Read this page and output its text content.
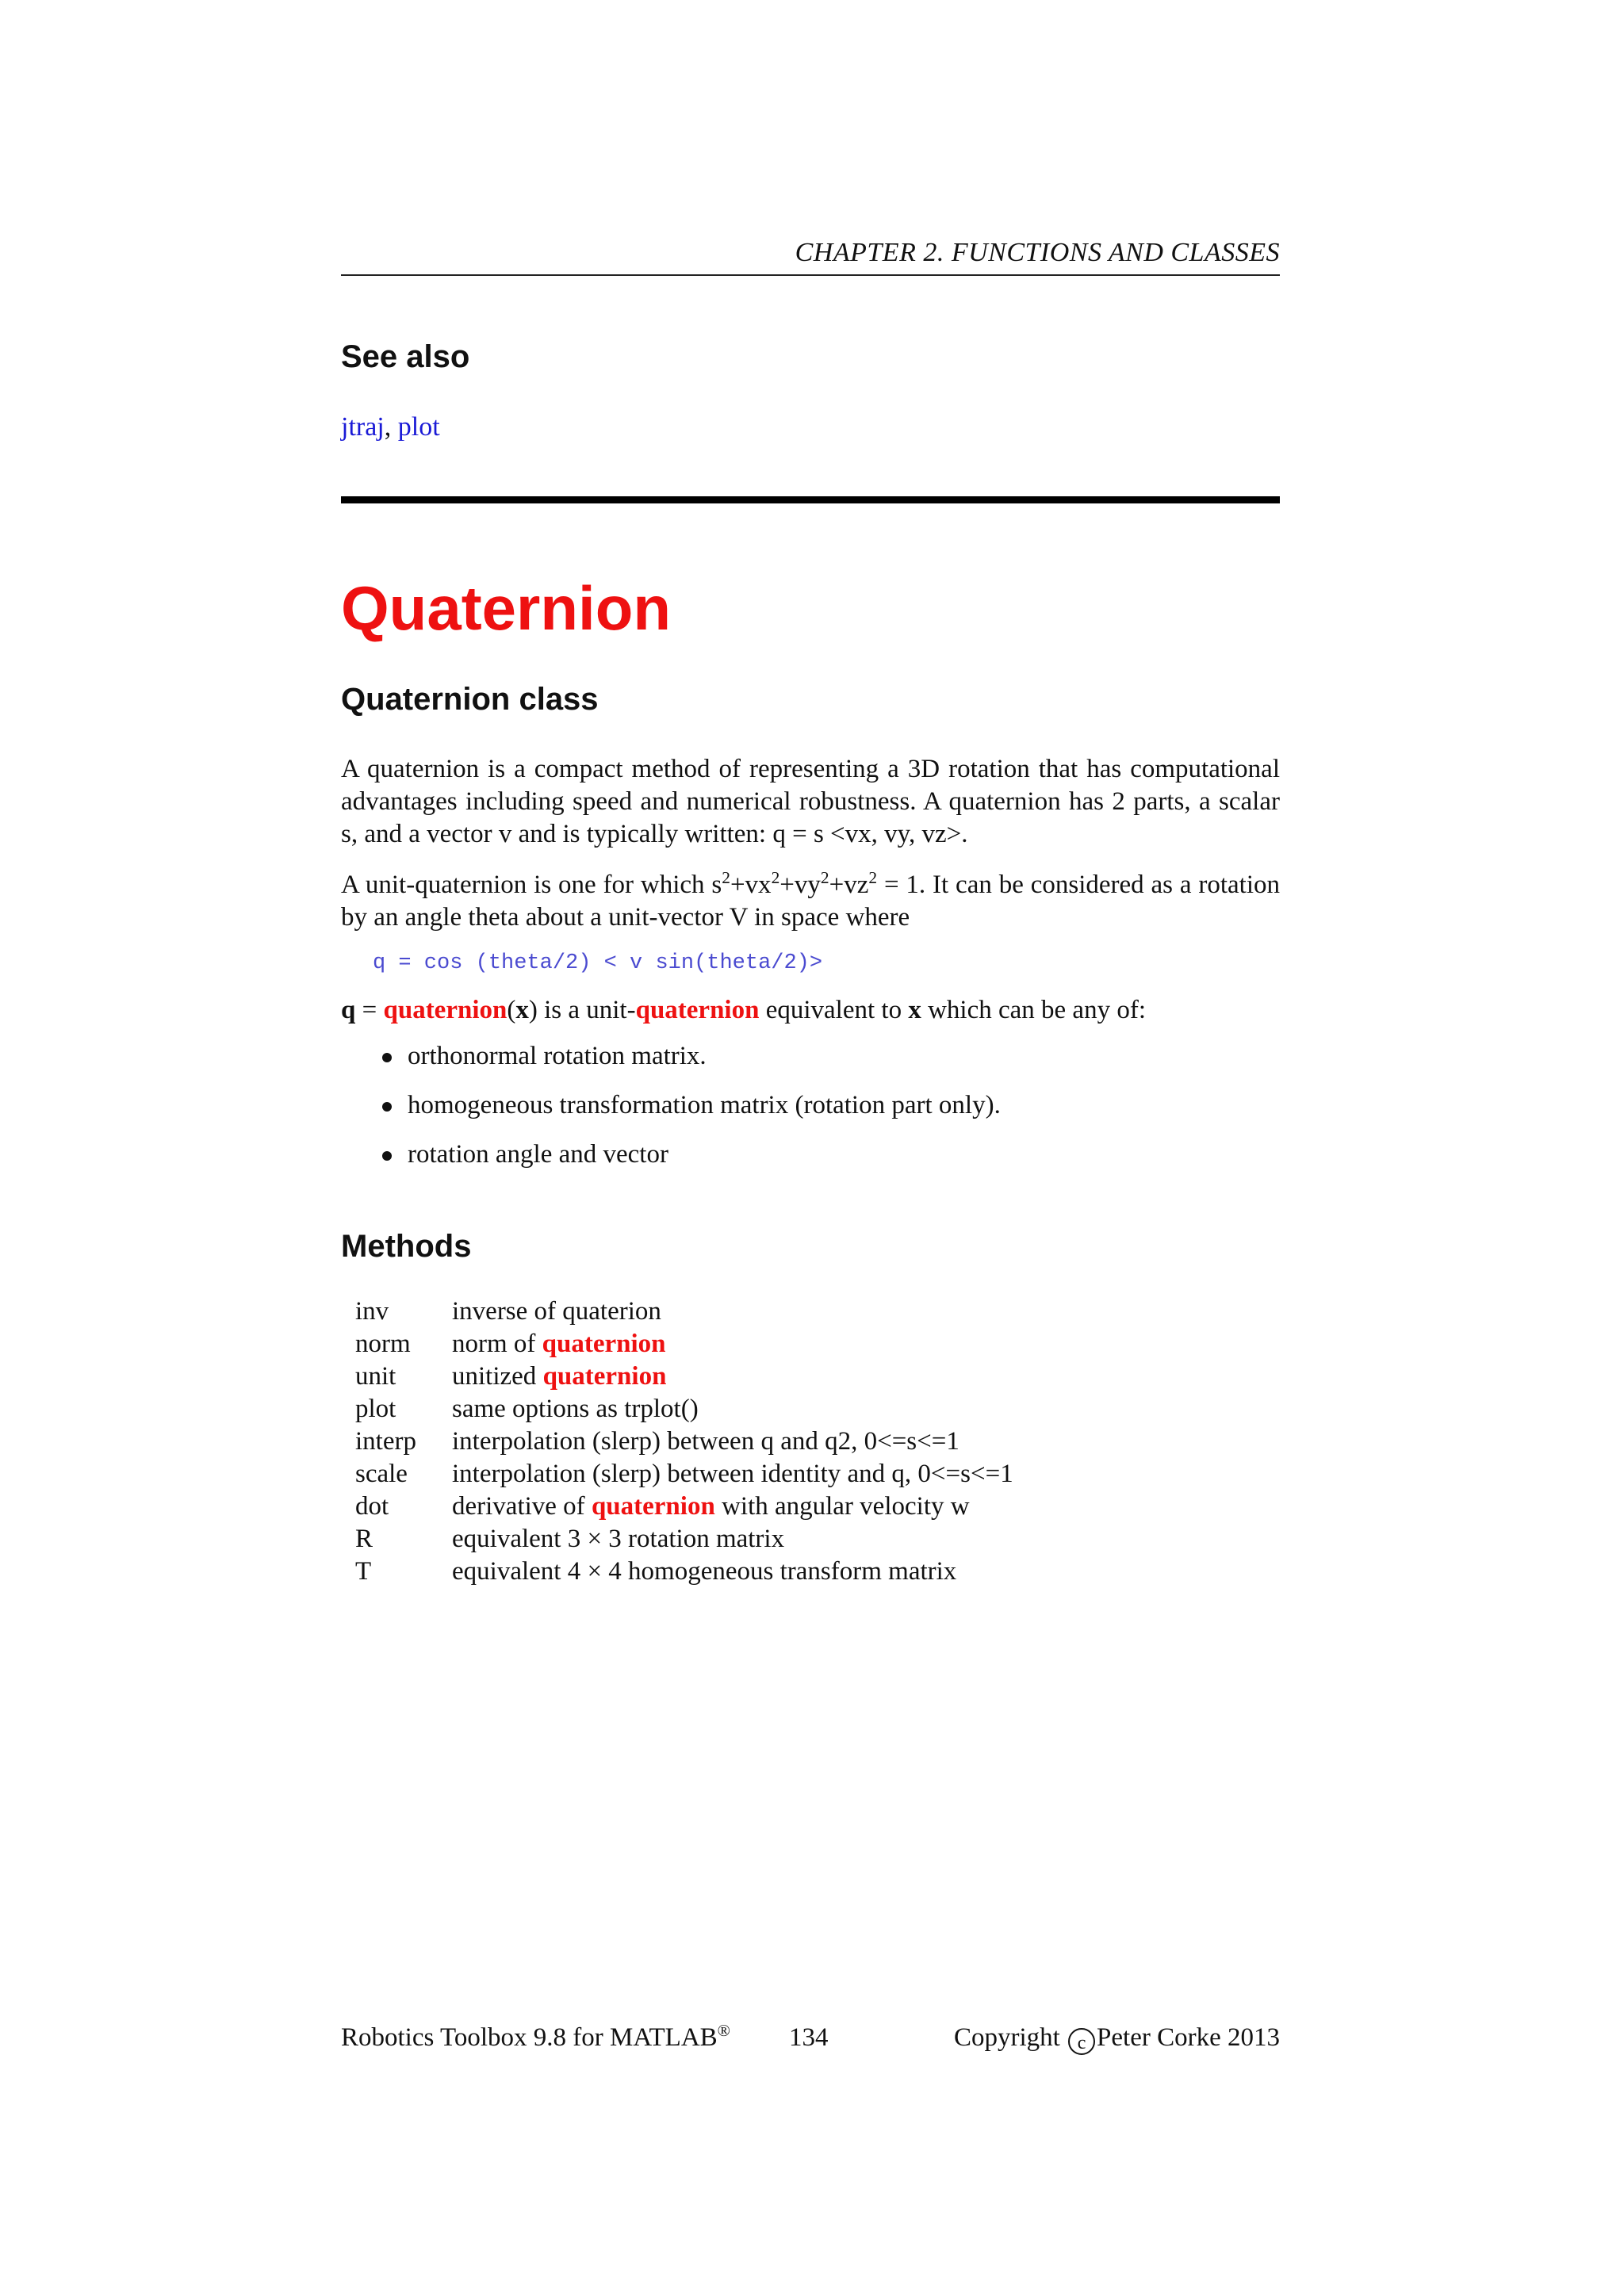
CHAPTER 2. FUNCTIONS AND CLASSES
See also
jtraj, plot
Quaternion
Quaternion class

A quaternion is a compact method of representing a 3D rotation that has computational advantages including speed and numerical robustness. A quaternion has 2 parts, a scalar s, and a vector v and is typically written: q = s <vx, vy, vz>.

A unit-quaternion is one for which $s^2+vx^2+vy^2+vz^2 = 1$. It can be considered as a rotation by an angle theta about a unit-vector V in space where

q = cos (theta/2) < v sin(theta/2)>

q = quaternion(x) is a unit-quaternion equivalent to x which can be any of:

orthonormal rotation matrix.
homogeneous transformation matrix (rotation part only).
rotation angle and vector
Methods
inv	inverse of quaterion
norm	norm of quaternion
unit	unitized quaternion
plot	same options as trplot()
interp	interpolation (slerp) between q and q2, 0<=s<=1
scale	interpolation (slerp) between identity and q, 0<=s<=1
dot	derivative of quaternion with angular velocity w
R	equivalent 3 × 3 rotation matrix
T	equivalent 4 × 4 homogeneous transform matrix
Robotics Toolbox 9.8 for MATLAB® 134	Copyright c Peter Corke 2013
